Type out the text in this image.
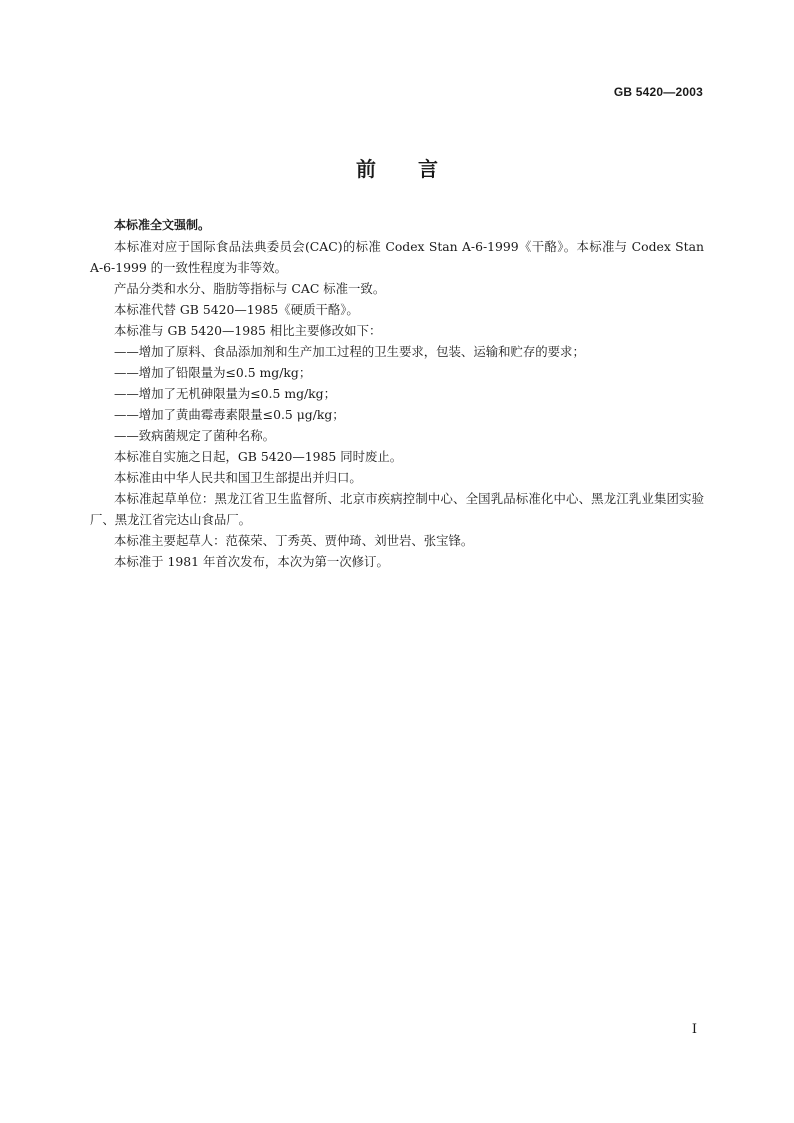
GB 5420—2003
前 言

本标准全文强制。

本标准对应于国际食品法典委员会(CAC)的标准 Codex Stan A-6-1999《干酪》。本标准与 Codex Stan A-6-1999 的一致性程度为非等效。

产品分类和水分、脂肪等指标与 CAC 标准一致。

本标准代替 GB 5420—1985《硬质干酪》。

本标准与 GB 5420—1985 相比主要修改如下：

——增加了原料、食品添加剂和生产加工过程的卫生要求，包装、运输和贮存的要求；

——增加了铅限量为≤0.5 mg/kg；

——增加了无机砷限量为≤0.5 mg/kg；

——增加了黄曲霉毒素限量≤0.5 μg/kg；

——致病菌规定了菌种名称。

本标准自实施之日起，GB 5420—1985 同时废止。

本标准由中华人民共和国卫生部提出并归口。

本标准起草单位：黑龙江省卫生监督所、北京市疾病控制中心、全国乳品标准化中心、黑龙江乳业集团实验厂、黑龙江省完达山食品厂。

本标准主要起草人：范葆荣、丁秀英、贾仲琦、刘世岩、张宝锋。

本标准于 1981 年首次发布，本次为第一次修订。

I
